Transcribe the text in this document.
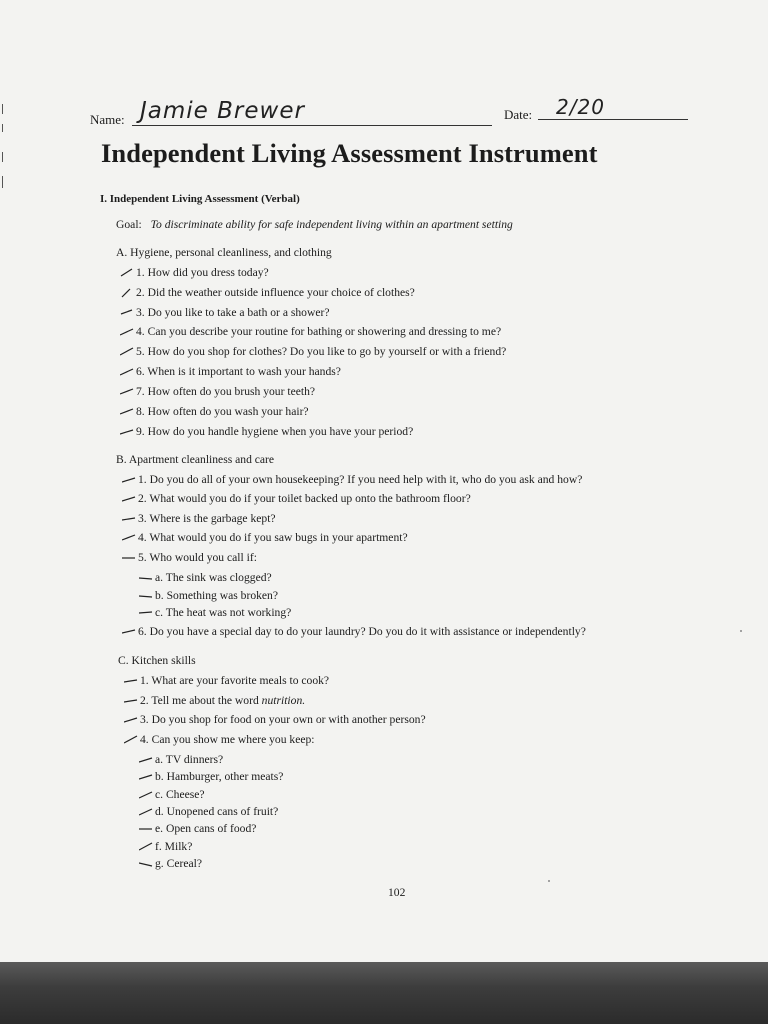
Name: Jamie Brewer	Date: 2/20
Independent Living Assessment Instrument
I. Independent Living Assessment (Verbal)
Goal: To discriminate ability for safe independent living within an apartment setting
A. Hygiene, personal cleanliness, and clothing
1. How did you dress today?
2. Did the weather outside influence your choice of clothes?
3. Do you like to take a bath or a shower?
4. Can you describe your routine for bathing or showering and dressing to me?
5. How do you shop for clothes? Do you like to go by yourself or with a friend?
6. When is it important to wash your hands?
7. How often do you brush your teeth?
8. How often do you wash your hair?
9. How do you handle hygiene when you have your period?
B. Apartment cleanliness and care
1. Do you do all of your own housekeeping? If you need help with it, who do you ask and how?
2. What would you do if your toilet backed up onto the bathroom floor?
3. Where is the garbage kept?
4. What would you do if you saw bugs in your apartment?
5. Who would you call if:
a. The sink was clogged?
b. Something was broken?
c. The heat was not working?
6. Do you have a special day to do your laundry? Do you do it with assistance or independently?
C. Kitchen skills
1. What are your favorite meals to cook?
2. Tell me about the word nutrition.
3. Do you shop for food on your own or with another person?
4. Can you show me where you keep:
a. TV dinners?
b. Hamburger, other meats?
c. Cheese?
d. Unopened cans of fruit?
e. Open cans of food?
f. Milk?
g. Cereal?
102
